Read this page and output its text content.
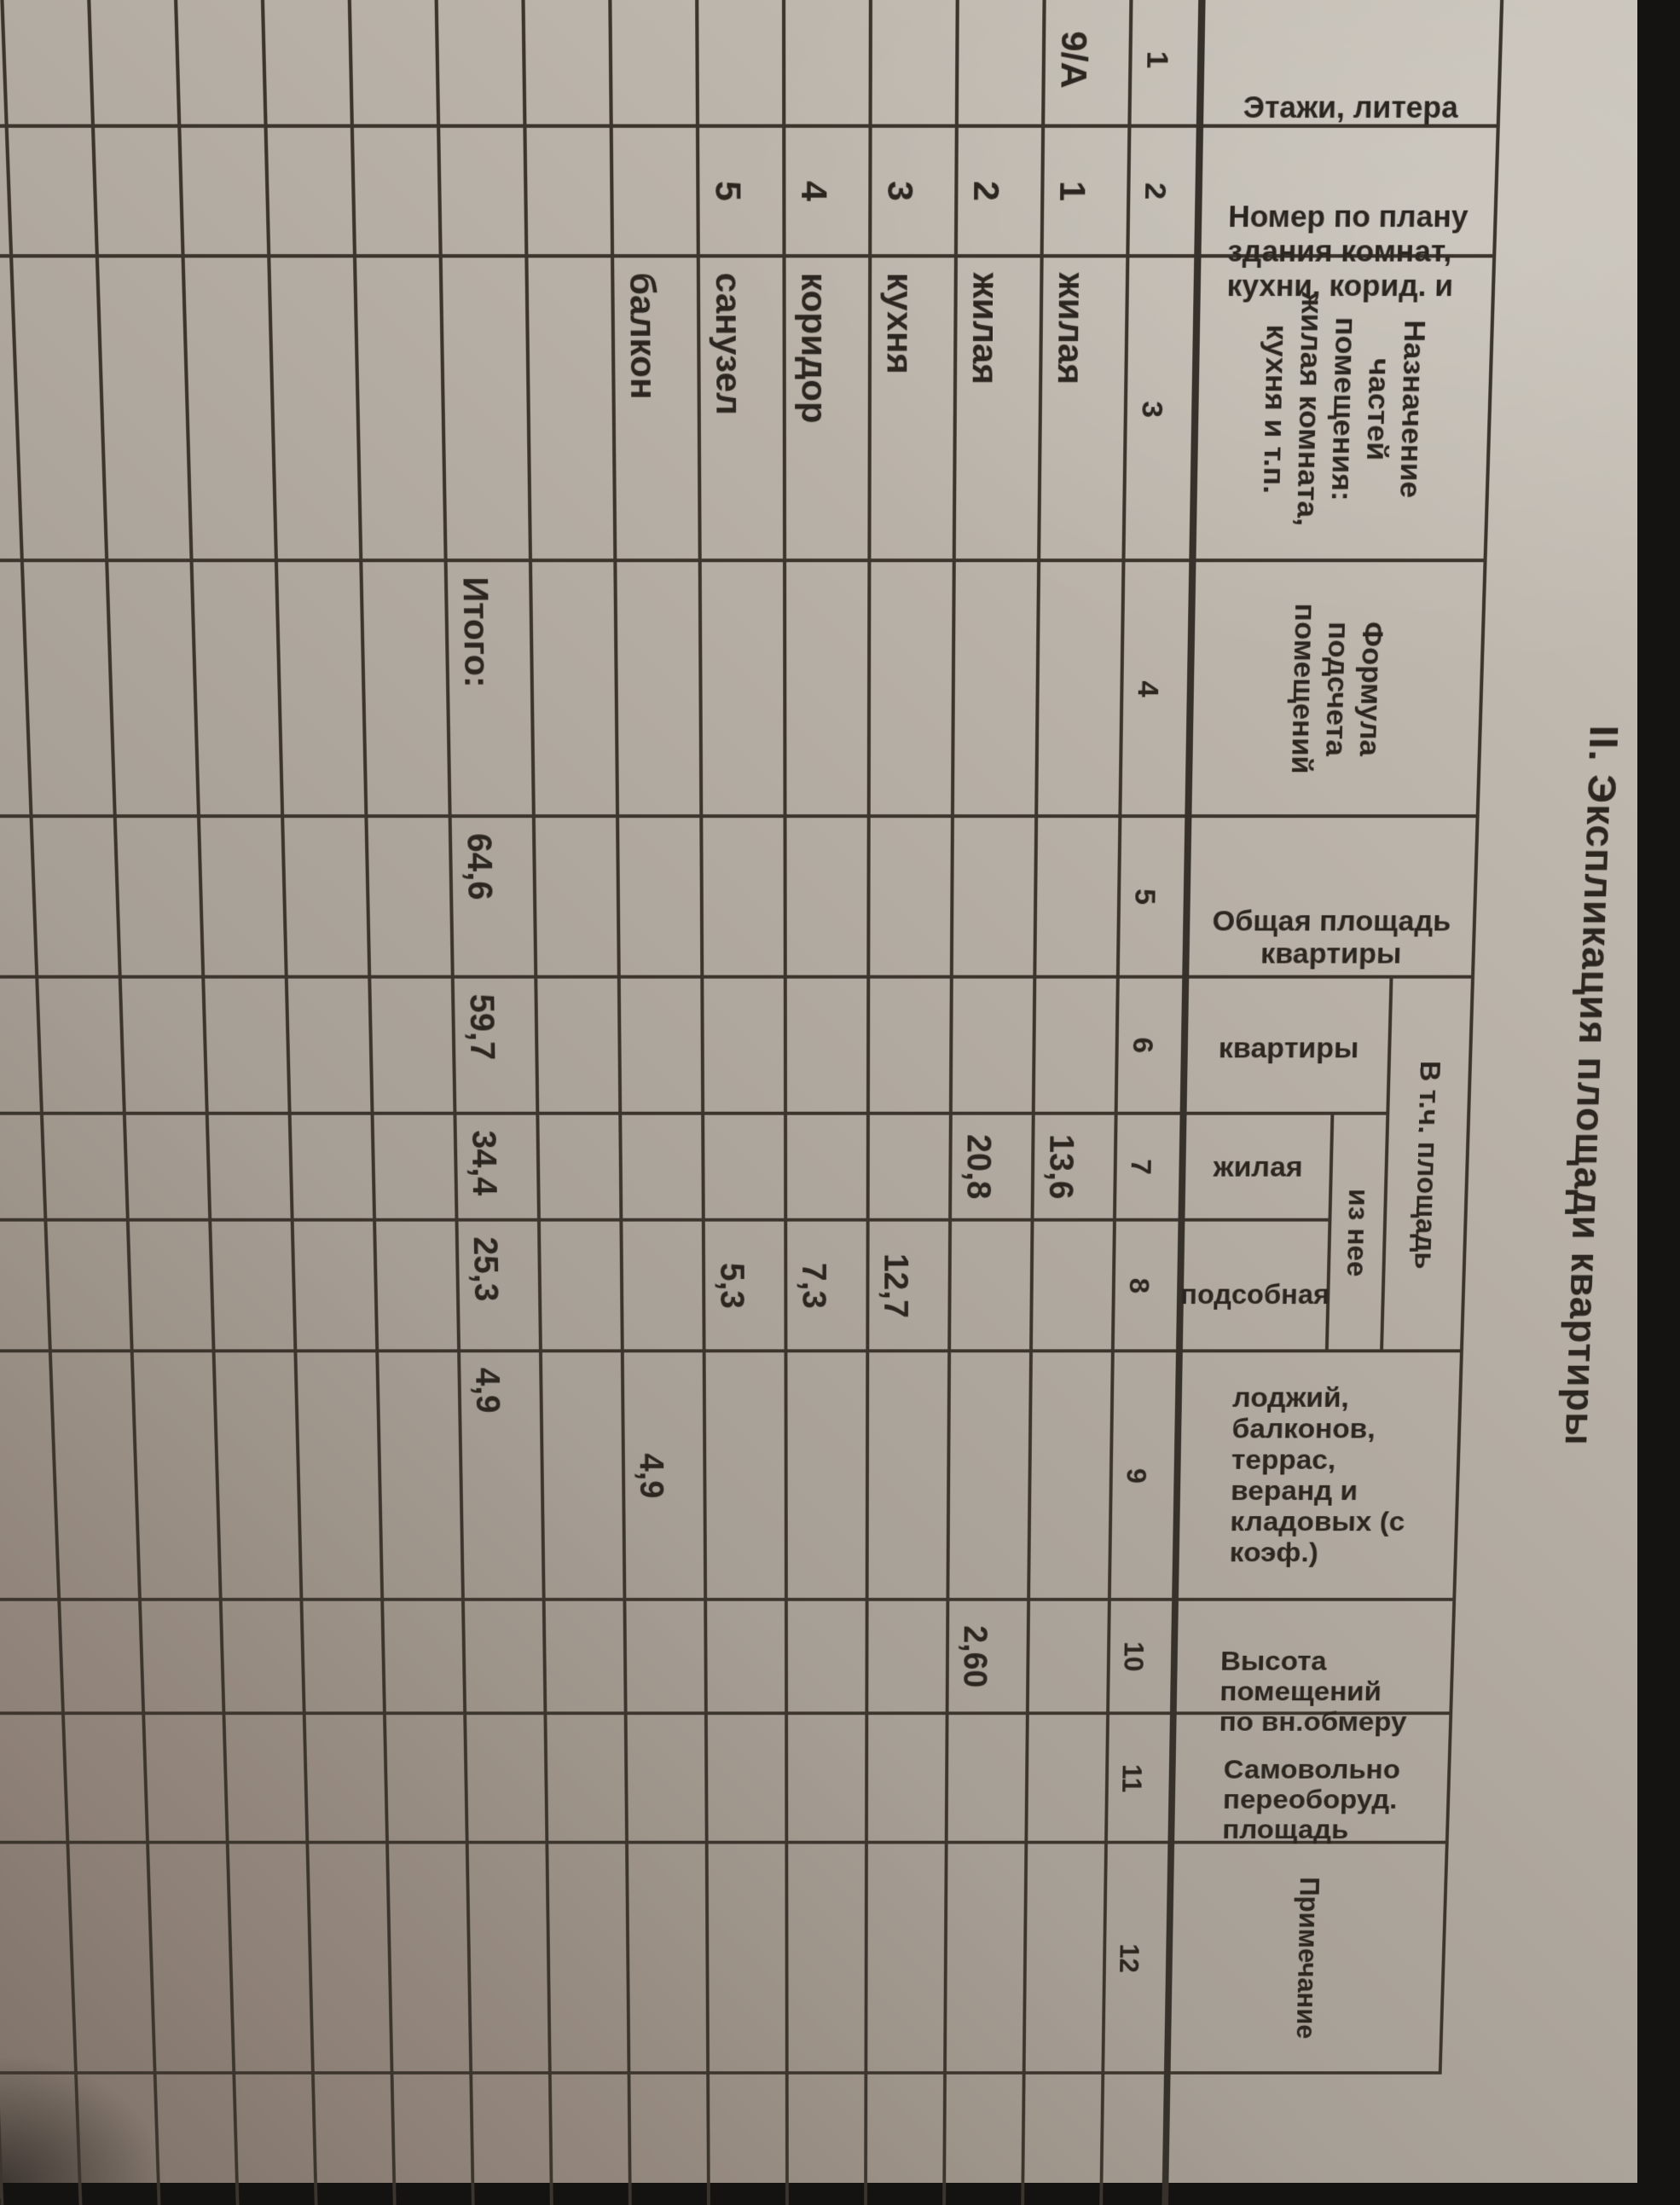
II. Экспликация площади квартиры
Этажи, литера	Номер по плану
здания комнат,
кухни, корид. и	Назначение
частей
помещения:
жилая комната,
кухня и т.п.	Формула
подсчета
помещений	Общая площадь
квартиры	В т.ч. площадь	лоджий,
балконов,
террас,
веранд и
кладовых (с
коэф.)	Высота
помещений
по вн.обмеру	Самовольно
переоборуд.
площадь	Примечание	
					квартиры	из нее						
						жилая	подсобная					
1	2	3	4	5	6	7	8	9	10	11	12	
9/А	1	жилая				13,6						
	2	жилая				20,8			2,60			
	3	кухня					12,7					
	4	коридор					7,3					
	5	санузел					5,3					
		балкон						4,9				

			Итого:	64,6	59,7	34,4	25,3	4,9				
